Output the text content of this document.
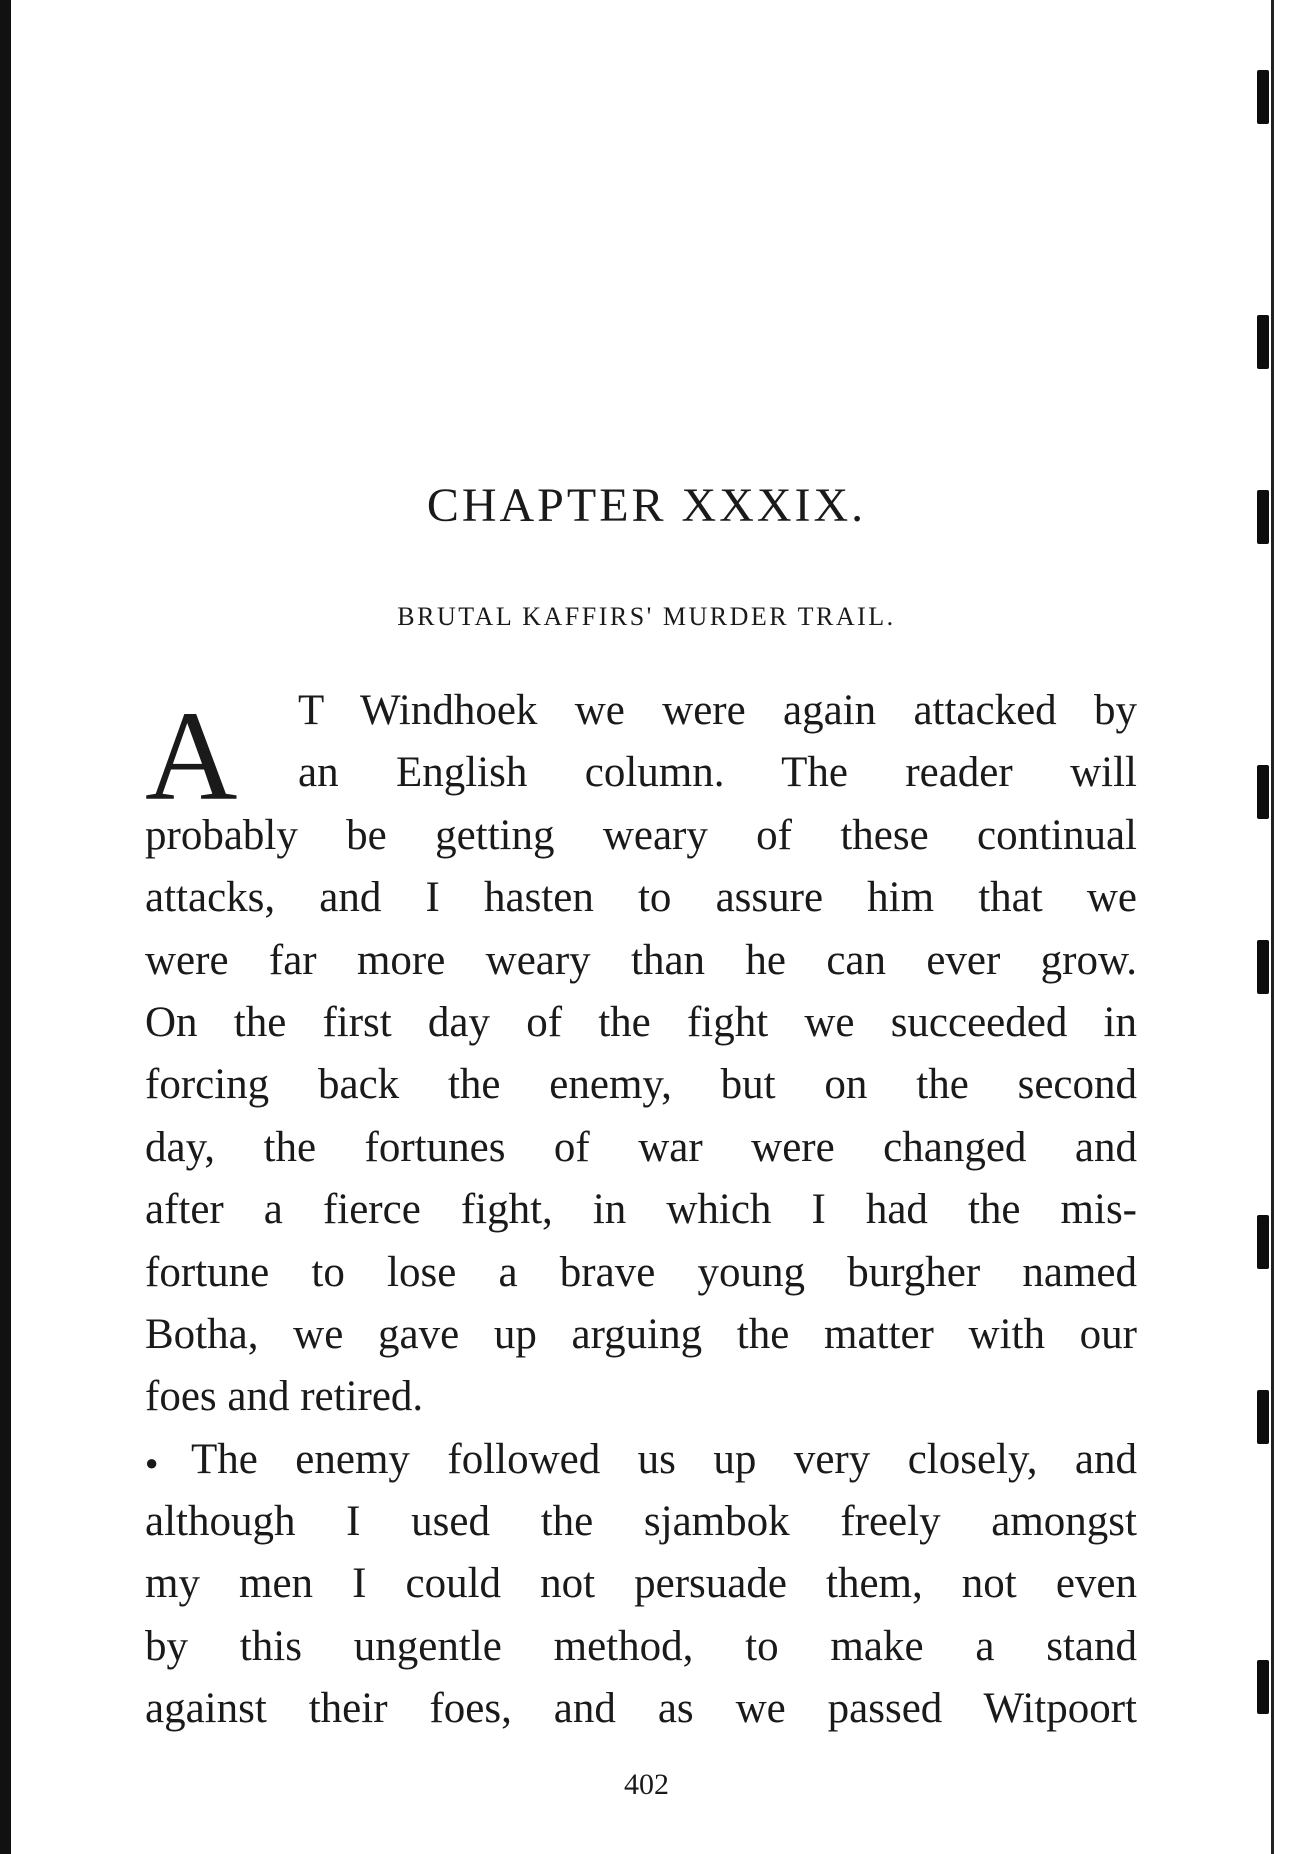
CHAPTER XXXIX.
BRUTAL KAFFIRS' MURDER TRAIL.
A	T Windhoek we were again attacked by
an English column. The reader will
probably be getting weary of these continual
attacks, and I hasten to assure him that we
were far more weary than he can ever grow.
On the first day of the fight we succeeded in
forcing back the enemy, but on the second
day, the fortunes of war were changed and
after a fierce fight, in which I had the mis-
fortune to lose a brave young burgher named
Botha, we gave up arguing the matter with our
foes and retired.
● The enemy followed us up very closely, and
although I used the sjambok freely amongst
my men I could not persuade them, not even
by this ungentle method, to make a stand
against their foes, and as we passed Witpoort

402
